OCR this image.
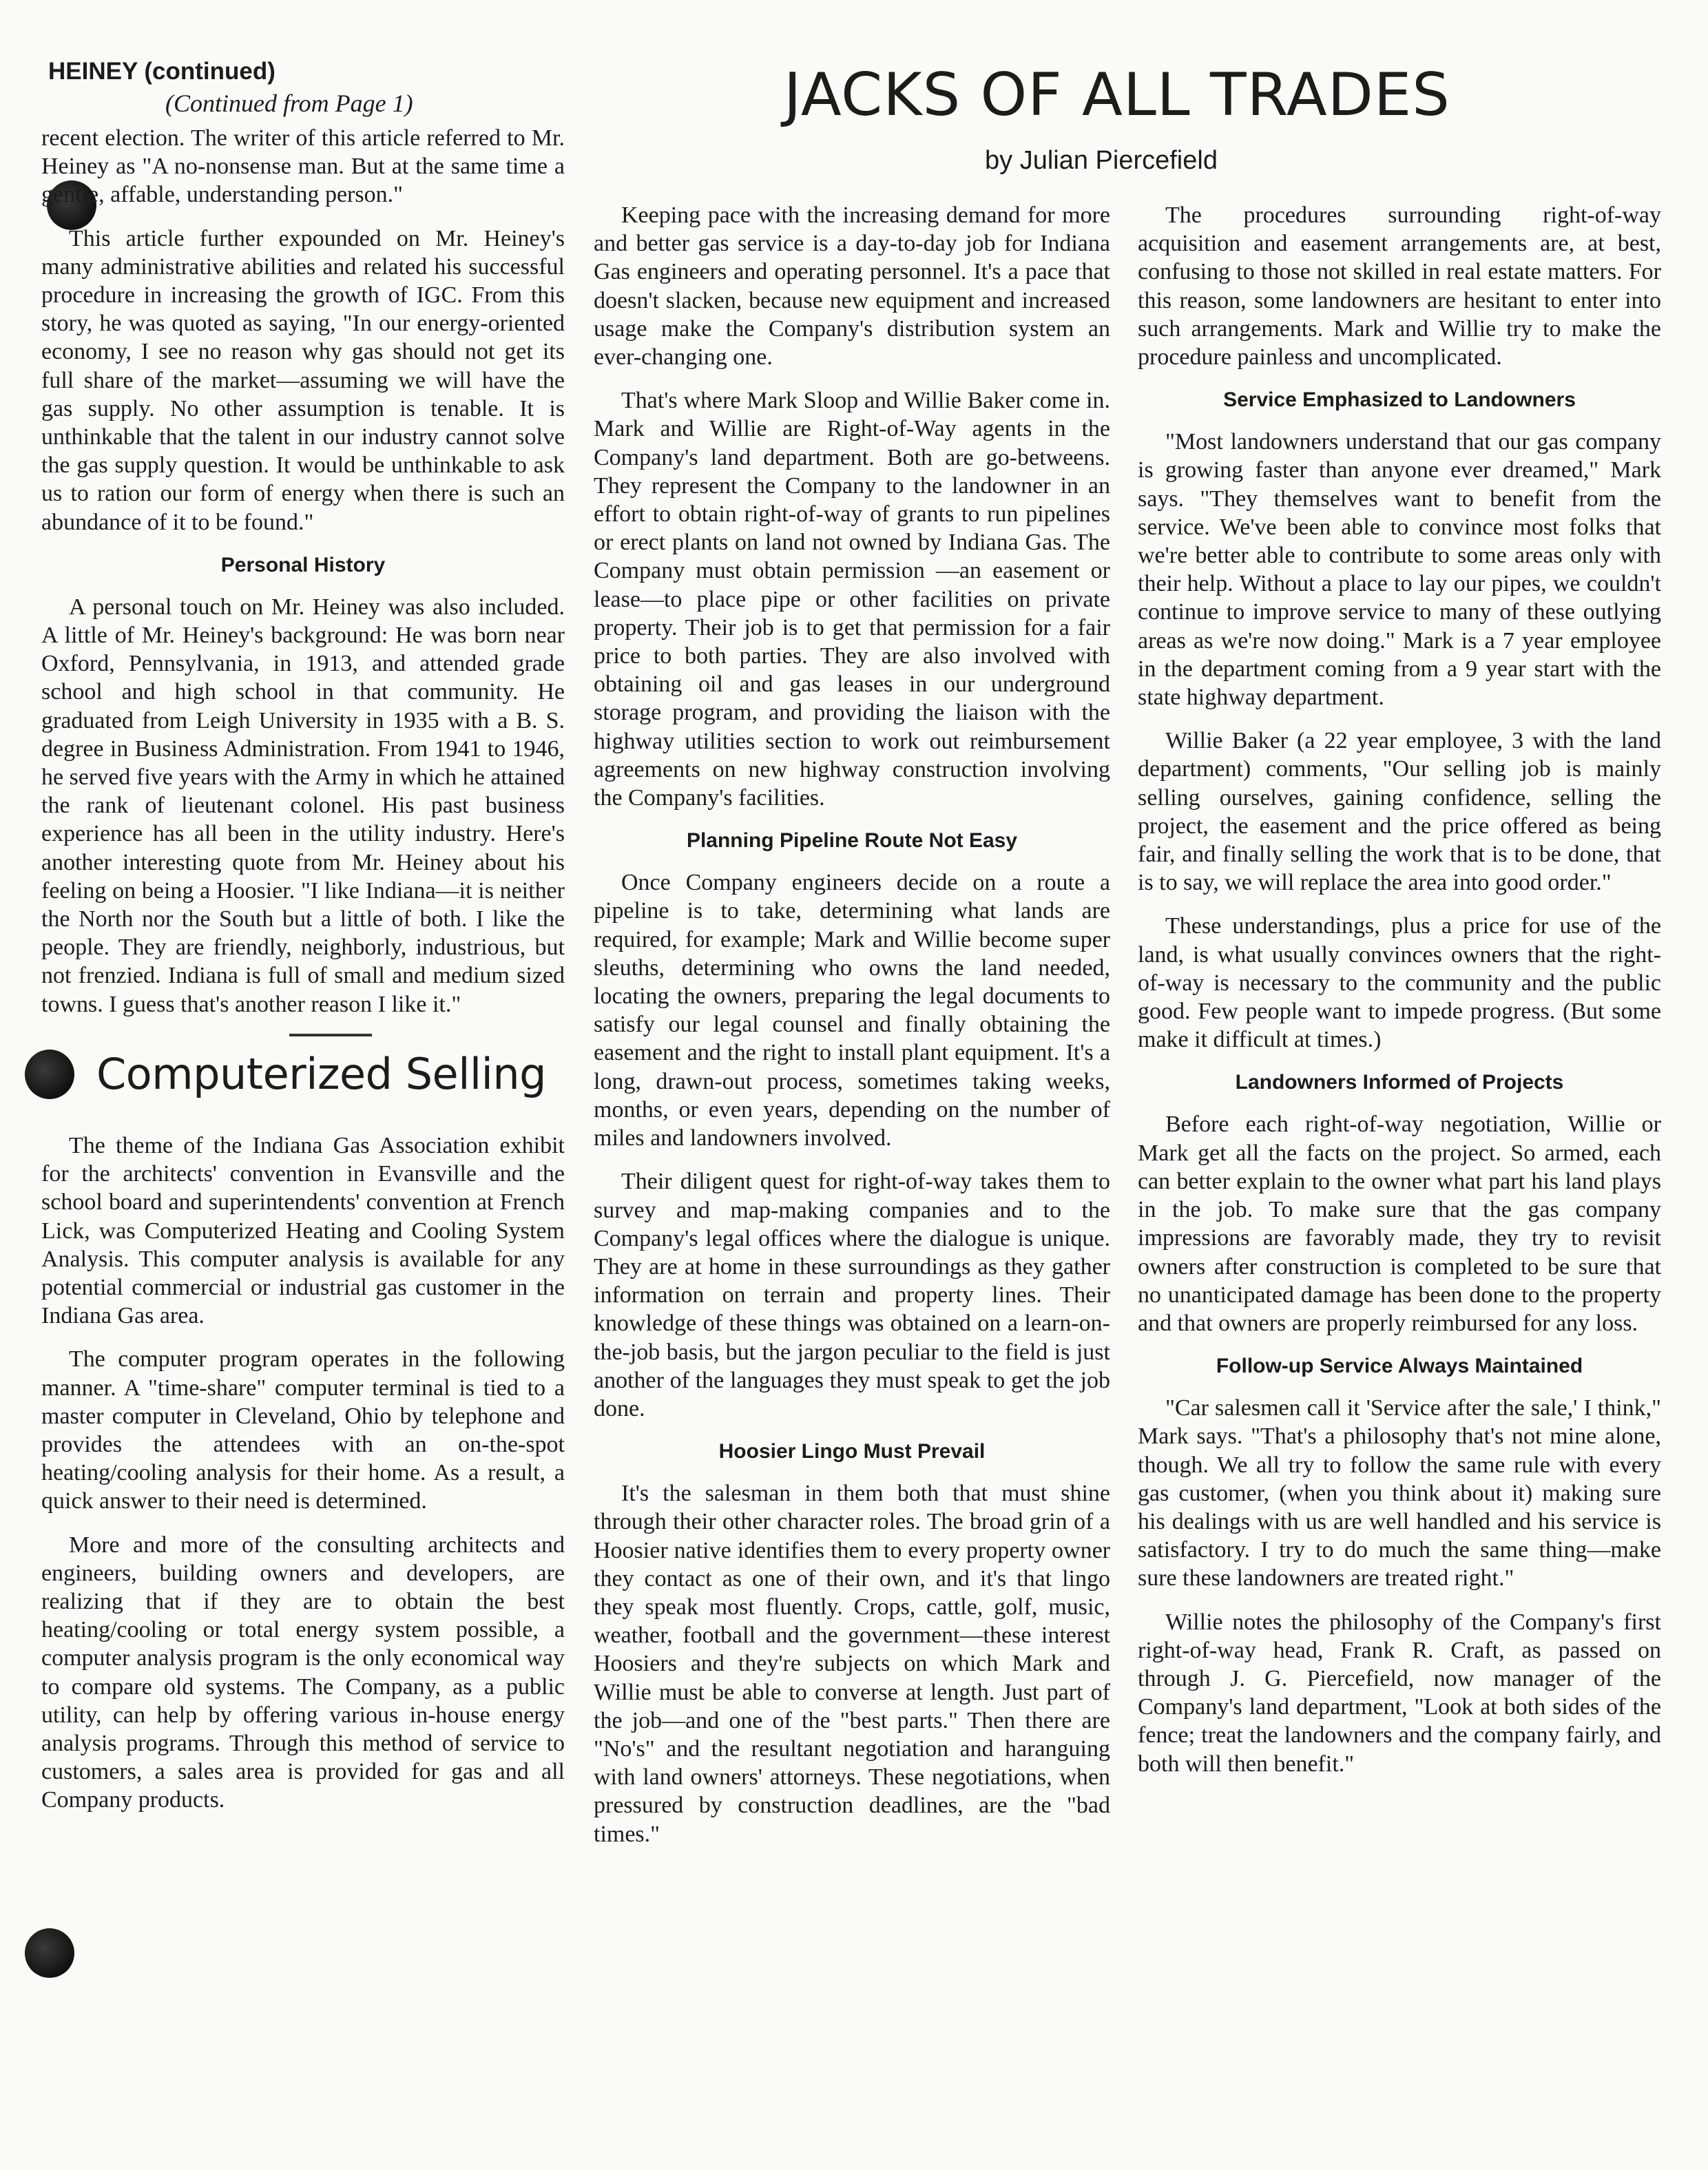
JACKS OF ALL TRADES
by Julian Piercefield
HEINEY (continued)
(Continued from Page 1)

recent election. The writer of this article referred to Mr. Heiney as "A no-nonsense man. But at the same time a gentle, affable, understanding person."

This article further expounded on Mr. Heiney's many administrative abilities and related his successful procedure in increasing the growth of IGC. From this story, he was quoted as saying, "In our energy-oriented economy, I see no reason why gas should not get its full share of the market—assuming we will have the gas supply. No other assumption is tenable. It is unthinkable that the talent in our industry cannot solve the gas supply question. It would be unthinkable to ask us to ration our form of energy when there is such an abundance of it to be found."

Personal History

A personal touch on Mr. Heiney was also included. A little of Mr. Heiney's background: He was born near Oxford, Pennsylvania, in 1913, and attended grade school and high school in that community. He graduated from Leigh University in 1935 with a B. S. degree in Business Administration. From 1941 to 1946, he served five years with the Army in which he attained the rank of lieutenant colonel. His past business experience has all been in the utility industry. Here's another interesting quote from Mr. Heiney about his feeling on being a Hoosier. "I like Indiana—it is neither the North nor the South but a little of both. I like the people. They are friendly, neighborly, industrious, but not frenzied. Indiana is full of small and medium sized towns. I guess that's another reason I like it."

Computerized Selling

The theme of the Indiana Gas Association exhibit for the architects' convention in Evansville and the school board and superintendents' convention at French Lick, was Computerized Heating and Cooling System Analysis. This computer analysis is available for any potential commercial or industrial gas customer in the Indiana Gas area.

The computer program operates in the following manner. A "time-share" computer terminal is tied to a master computer in Cleveland, Ohio by telephone and provides the attendees with an on-the-spot heating/cooling analysis for their home. As a result, a quick answer to their need is determined.

More and more of the consulting architects and engineers, building owners and developers, are realizing that if they are to obtain the best heating/cooling or total energy system possible, a computer analysis program is the only economical way to compare old systems. The Company, as a public utility, can help by offering various in-house energy analysis programs. Through this method of service to customers, a sales area is provided for gas and all Company products.

Keeping pace with the increasing demand for more and better gas service is a day-to-day job for Indiana Gas engineers and operating personnel. It's a pace that doesn't slacken, because new equipment and increased usage make the Company's distribution system an ever-changing one.

That's where Mark Sloop and Willie Baker come in. Mark and Willie are Right-of-Way agents in the Company's land department. Both are go-betweens. They represent the Company to the landowner in an effort to obtain right-of-way of grants to run pipelines or erect plants on land not owned by Indiana Gas. The Company must obtain permission —an easement or lease—to place pipe or other facilities on private property. Their job is to get that permission for a fair price to both parties. They are also involved with obtaining oil and gas leases in our underground storage program, and providing the liaison with the highway utilities section to work out reimbursement agreements on new highway construction involving the Company's facilities.

Planning Pipeline Route Not Easy

Once Company engineers decide on a route a pipeline is to take, determining what lands are required, for example; Mark and Willie become super sleuths, determining who owns the land needed, locating the owners, preparing the legal documents to satisfy our legal counsel and finally obtaining the easement and the right to install plant equipment. It's a long, drawn-out process, sometimes taking weeks, months, or even years, depending on the number of miles and landowners involved.

Their diligent quest for right-of-way takes them to survey and map-making companies and to the Company's legal offices where the dialogue is unique. They are at home in these surroundings as they gather information on terrain and property lines. Their knowledge of these things was obtained on a learn-on-the-job basis, but the jargon peculiar to the field is just another of the languages they must speak to get the job done.

Hoosier Lingo Must Prevail

It's the salesman in them both that must shine through their other character roles. The broad grin of a Hoosier native identifies them to every property owner they contact as one of their own, and it's that lingo they speak most fluently. Crops, cattle, golf, music, weather, football and the government—these interest Hoosiers and they're subjects on which Mark and Willie must be able to converse at length. Just part of the job—and one of the "best parts." Then there are "No's" and the resultant negotiation and haranguing with land owners' attorneys. These negotiations, when pressured by construction deadlines, are the "bad times."

The procedures surrounding right-of-way acquisition and easement arrangements are, at best, confusing to those not skilled in real estate matters. For this reason, some landowners are hesitant to enter into such arrangements. Mark and Willie try to make the procedure painless and uncomplicated.

Service Emphasized to Landowners

"Most landowners understand that our gas company is growing faster than anyone ever dreamed," Mark says. "They themselves want to benefit from the service. We've been able to convince most folks that we're better able to contribute to some areas only with their help. Without a place to lay our pipes, we couldn't continue to improve service to many of these outlying areas as we're now doing." Mark is a 7 year employee in the department coming from a 9 year start with the state highway department.

Willie Baker (a 22 year employee, 3 with the land department) comments, "Our selling job is mainly selling ourselves, gaining confidence, selling the project, the easement and the price offered as being fair, and finally selling the work that is to be done, that is to say, we will replace the area into good order."

These understandings, plus a price for use of the land, is what usually convinces owners that the right-of-way is necessary to the community and the public good. Few people want to impede progress. (But some make it difficult at times.)

Landowners Informed of Projects

Before each right-of-way negotiation, Willie or Mark get all the facts on the project. So armed, each can better explain to the owner what part his land plays in the job. To make sure that the gas company impressions are favorably made, they try to revisit owners after construction is completed to be sure that no unanticipated damage has been done to the property and that owners are properly reimbursed for any loss.

Follow-up Service Always Maintained

"Car salesmen call it 'Service after the sale,' I think," Mark says. "That's a philosophy that's not mine alone, though. We all try to follow the same rule with every gas customer, (when you think about it) making sure his dealings with us are well handled and his service is satisfactory. I try to do much the same thing—make sure these landowners are treated right."

Willie notes the philosophy of the Company's first right-of-way head, Frank R. Craft, as passed on through J. G. Piercefield, now manager of the Company's land department, "Look at both sides of the fence; treat the landowners and the company fairly, and both will then benefit."
